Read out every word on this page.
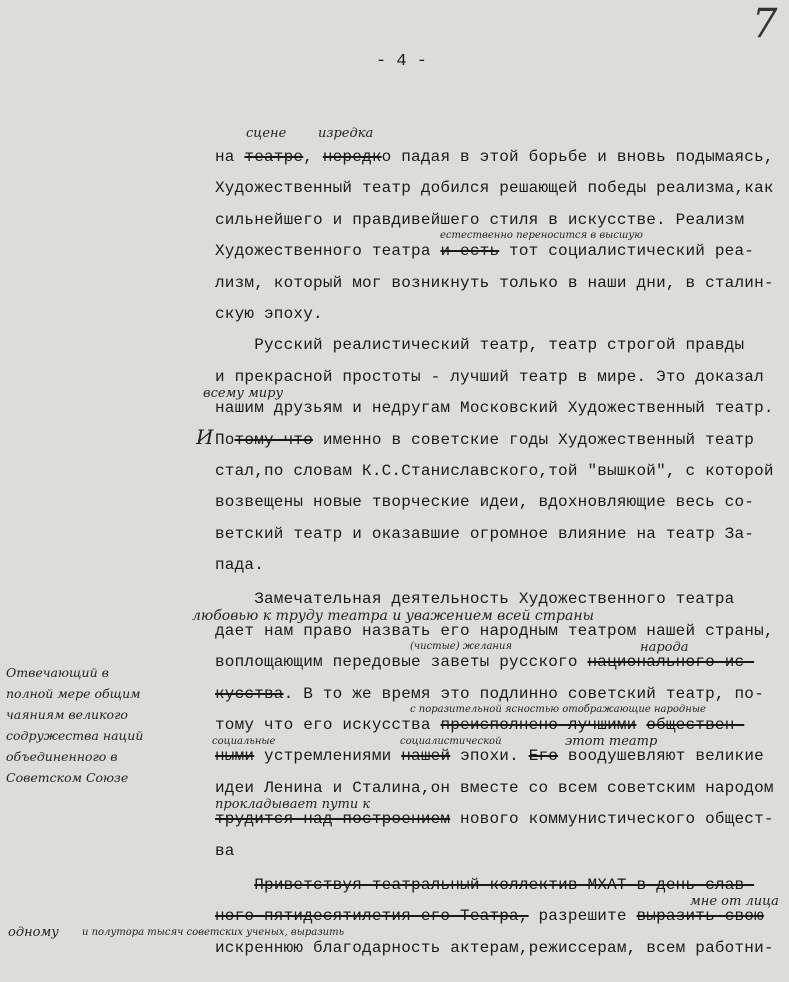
7
- 4 -
на театре, нередко падая в этой борьбе и вновь подымаясь,
Художественный театр добился решающей победы реализма,как
сильнейшего и правдивейшего стиля в искусстве. Реализм
Художественного театра и есть тот социалистический реа-
лизм, который мог возникнуть только в наши дни, в сталин-
скую эпоху.
Русский реалистический театр, театр строгой правды
и прекрасной простоты - лучший театр в мире. Это доказал
нашим друзьям и недругам Московский Художественный театр.
Потому что именно в советские годы Художественный театр
стал,по словам К.С.Станиславского,той "вышкой", с которой
возвещены новые творческие идеи, вдохновляющие весь со-
ветский театр и оказавшие огромное влияние на театр За-
пада.
Замечательная деятельность Художественного театра
дает нам право назвать его народным театром нашей страны,
воплощающим передовые заветы русского национального ис-
кусства. В то же время это подлинно советский театр, по-
тому что его искусства преисполнено лучшими обществен-
ными устремлениями нашей эпохи. Его воодушевляют великие
идеи Ленина и Сталина,он вместе со всем советским народом
трудится над построением нового коммунистического общест-
ва
Приветствуя театральный коллектив МХАТ в день слав-
ного пятидесятилетия его Театра, разрешите выразить свою
искреннюю благодарность актерам,режиссерам, всем работни-
сцене изредка
естественно переносится в высшую
всему миру
И
любовью к труду театра и уважением всей страны
(чистые) желания	народа
с поразительной ясностью отображающие народные
социальные	социалистической	этот театр
прокладывает пути к
мне от лица
и полутора тысяч советских ученых, выразить
одному
Отвечающий в
полной мере общим
чаяниям великого
содружества наций
объединенного в
Советском Союзе
